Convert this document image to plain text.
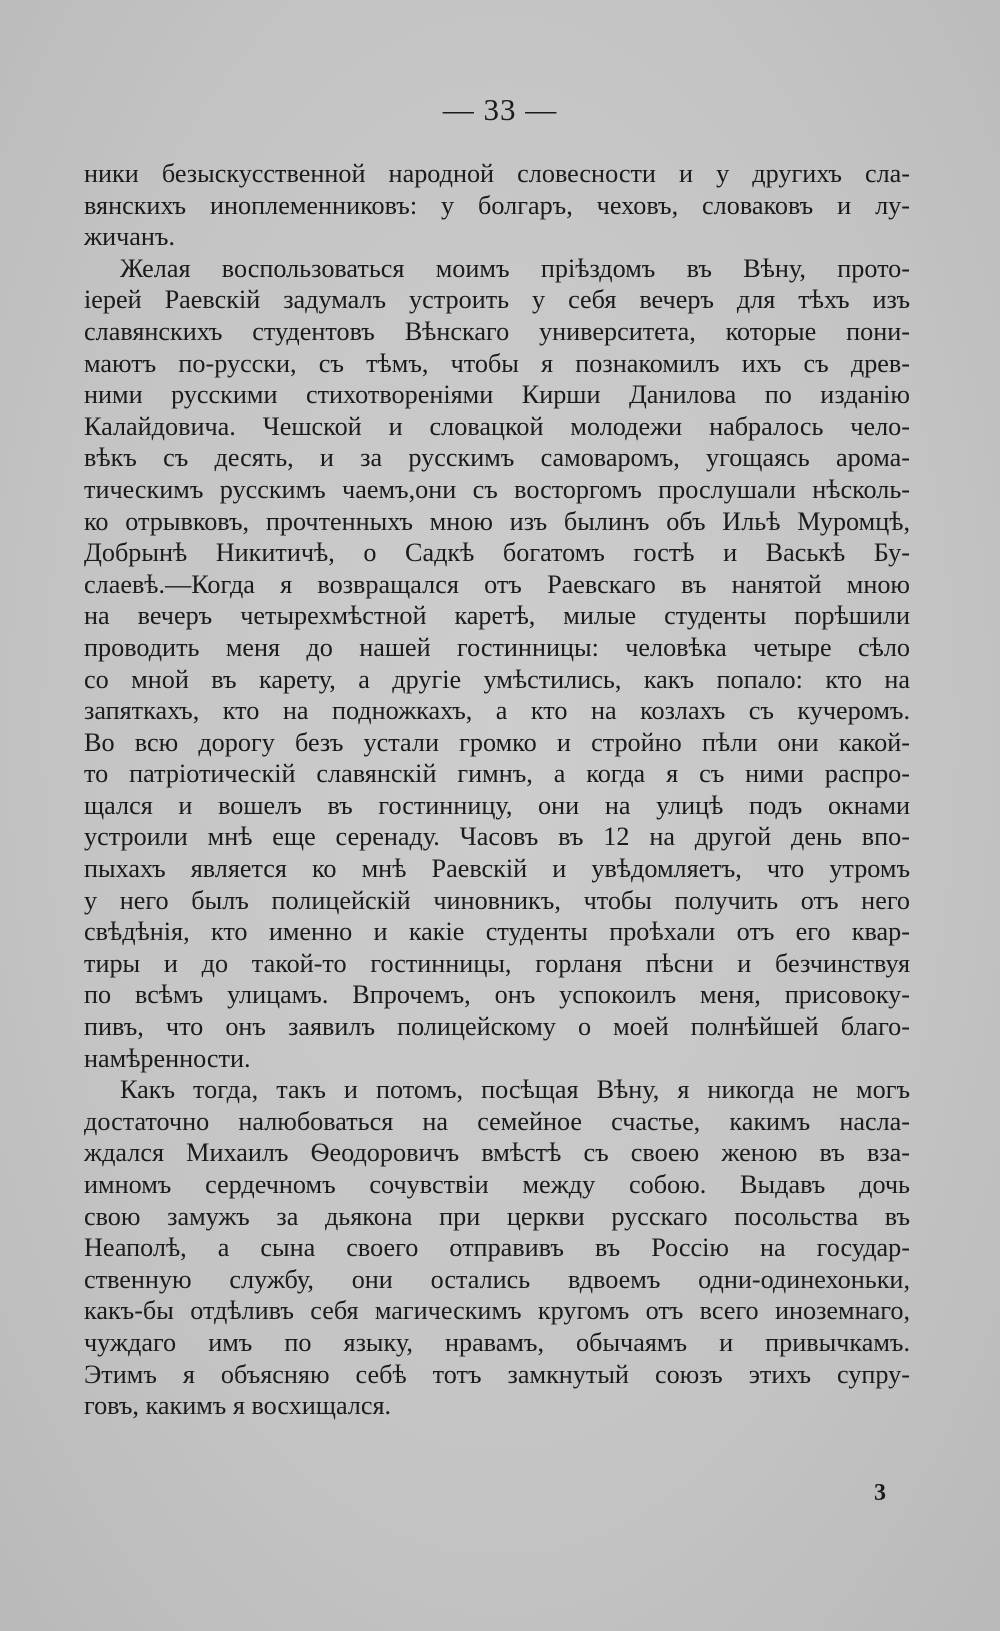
— 33 —
ники безыскусственной народной словесности и у другихъ сла-
вянскихъ иноплеменниковъ: у болгаръ, чеховъ, словаковъ и лу-
жичанъ.
Желая воспользоваться моимъ пріѣздомъ въ Вѣну, прото-
іерей Раевскій задумалъ устроить у себя вечеръ для тѣхъ изъ
славянскихъ студентовъ Вѣнскаго университета, которые пони-
маютъ по-русски, съ тѣмъ, чтобы я познакомилъ ихъ съ древ-
ними русскими стихотвореніями Кирши Данилова по изданію
Калайдовича. Чешской и словацкой молодежи набралось чело-
вѣкъ съ десять, и за русскимъ самоваромъ, угощаясь арома-
тическимъ русскимъ чаемъ,они съ восторгомъ прослушали нѣсколь-
ко отрывковъ, прочтенныхъ мною изъ былинъ объ Ильѣ Муромцѣ,
Добрынѣ Никитичѣ, о Садкѣ богатомъ гостѣ и Васькѣ Бу-
слаевѣ.—Когда я возвращался отъ Раевскаго въ нанятой мною
на вечеръ четырехмѣстной каретѣ, милые студенты порѣшили
проводить меня до нашей гостинницы: человѣка четыре сѣло
со мной въ карету, а другіе умѣстились, какъ попало: кто на
запяткахъ, кто на подножкахъ, а кто на козлахъ съ кучеромъ.
Во всю дорогу безъ устали громко и стройно пѣли они какой-
то патріотическій славянскій гимнъ, а когда я съ ними распро-
щался и вошелъ въ гостинницу, они на улицѣ подъ окнами
устроили мнѣ еще серенаду. Часовъ въ 12 на другой день впо-
пыхахъ является ко мнѣ Раевскій и увѣдомляетъ, что утромъ
у него былъ полицейскій чиновникъ, чтобы получить отъ него
свѣдѣнія, кто именно и какіе студенты проѣхали отъ его квар-
тиры и до такой-то гостинницы, горланя пѣсни и безчинствуя
по всѣмъ улицамъ. Впрочемъ, онъ успокоилъ меня, присовоку-
пивъ, что онъ заявилъ полицейскому о моей полнѣйшей благо-
намѣренности.
Какъ тогда, такъ и потомъ, посѣщая Вѣну, я никогда не могъ
достаточно налюбоваться на семейное счастье, какимъ насла-
ждался Михаилъ Ѳеодоровичъ вмѣстѣ съ своею женою въ вза-
имномъ сердечномъ сочувствіи между собою. Выдавъ дочь
свою замужъ за дьякона при церкви русскаго посольства въ
Неаполѣ, а сына своего отправивъ въ Россію на государ-
ственную службу, они остались вдвоемъ одни-одинехоньки,
какъ-бы отдѣливъ себя магическимъ кругомъ отъ всего иноземнаго,
чуждаго имъ по языку, нравамъ, обычаямъ и привычкамъ.
Этимъ я объясняю себѣ тотъ замкнутый союзъ этихъ супру-
говъ, какимъ я восхищался.
3
